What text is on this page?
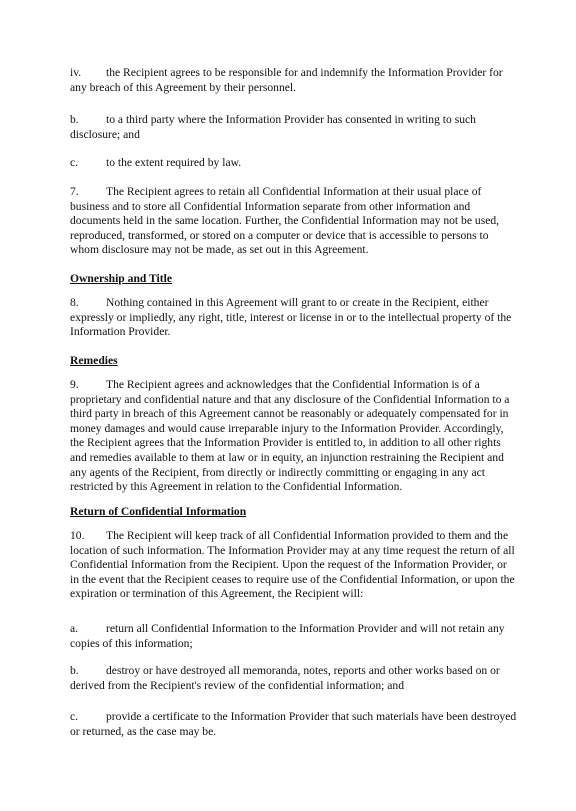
iv. the Recipient agrees to be responsible for and indemnify the Information Provider for any breach of this Agreement by their personnel.

b. to a third party where the Information Provider has consented in writing to such disclosure; and

c. to the extent required by law.

7. The Recipient agrees to retain all Confidential Information at their usual place of business and to store all Confidential Information separate from other information and documents held in the same location. Further, the Confidential Information may not be used, reproduced, transformed, or stored on a computer or device that is accessible to persons to whom disclosure may not be made, as set out in this Agreement.

Ownership and Title

8. Nothing contained in this Agreement will grant to or create in the Recipient, either expressly or impliedly, any right, title, interest or license in or to the intellectual property of the Information Provider.

Remedies

9. The Recipient agrees and acknowledges that the Confidential Information is of a proprietary and confidential nature and that any disclosure of the Confidential Information to a third party in breach of this Agreement cannot be reasonably or adequately compensated for in money damages and would cause irreparable injury to the Information Provider. Accordingly, the Recipient agrees that the Information Provider is entitled to, in addition to all other rights and remedies available to them at law or in equity, an injunction restraining the Recipient and any agents of the Recipient, from directly or indirectly committing or engaging in any act restricted by this Agreement in relation to the Confidential Information.

Return of Confidential Information

10. The Recipient will keep track of all Confidential Information provided to them and the location of such information. The Information Provider may at any time request the return of all Confidential Information from the Recipient. Upon the request of the Information Provider, or in the event that the Recipient ceases to require use of the Confidential Information, or upon the expiration or termination of this Agreement, the Recipient will:

a. return all Confidential Information to the Information Provider and will not retain any copies of this information;

b. destroy or have destroyed all memoranda, notes, reports and other works based on or derived from the Recipient's review of the confidential information; and

c. provide a certificate to the Information Provider that such materials have been destroyed or returned, as the case may be.
